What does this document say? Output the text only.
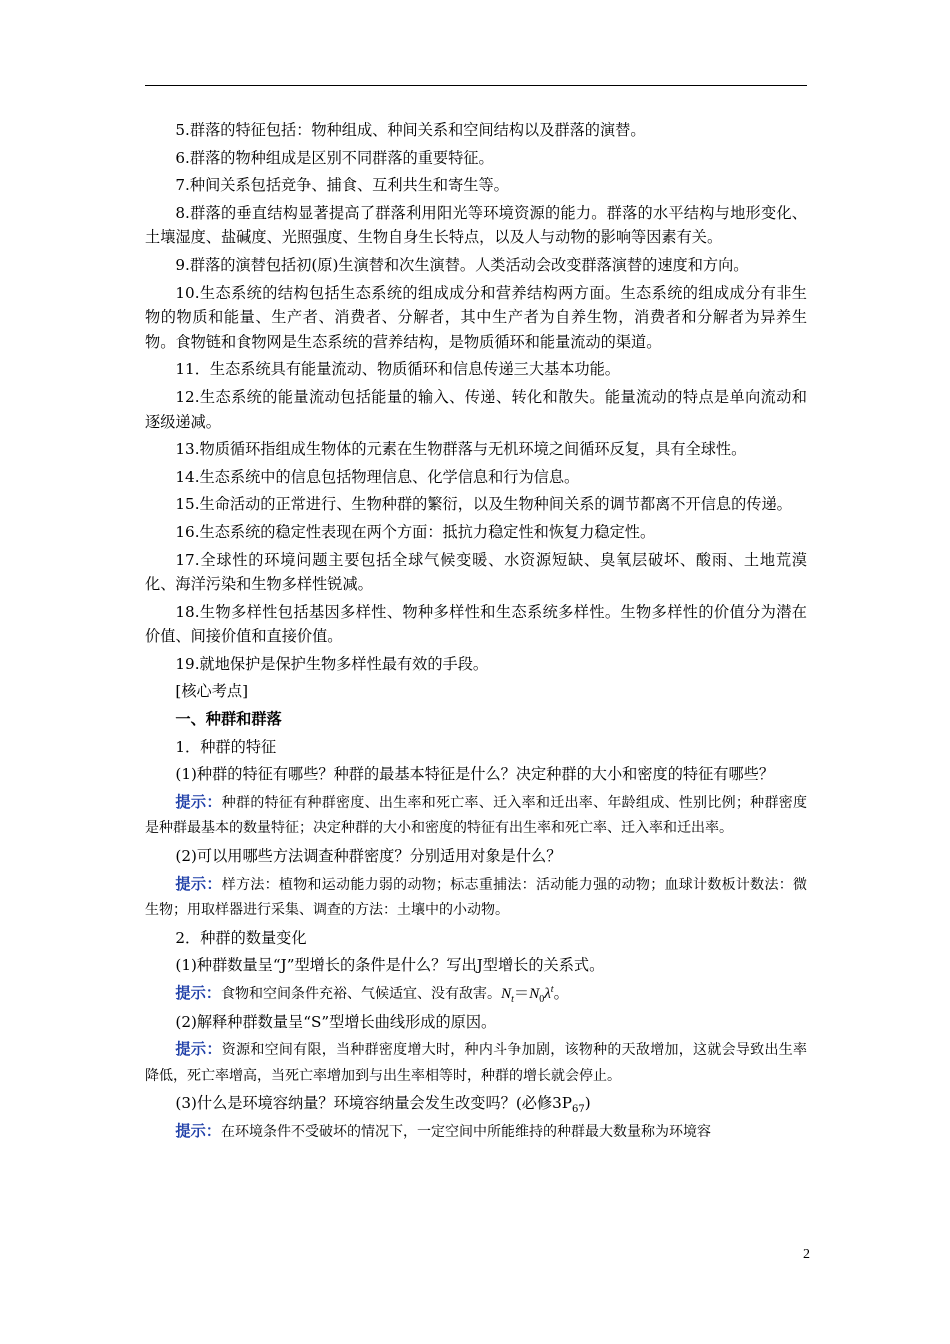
5.群落的特征包括：物种组成、种间关系和空间结构以及群落的演替。

6.群落的物种组成是区别不同群落的重要特征。

7.种间关系包括竞争、捕食、互利共生和寄生等。

8.群落的垂直结构显著提高了群落利用阳光等环境资源的能力。群落的水平结构与地形变化、土壤湿度、盐碱度、光照强度、生物自身生长特点，以及人与动物的影响等因素有关。

9.群落的演替包括初(原)生演替和次生演替。人类活动会改变群落演替的速度和方向。

10.生态系统的结构包括生态系统的组成成分和营养结构两方面。生态系统的组成成分有非生物的物质和能量、生产者、消费者、分解者，其中生产者为自养生物，消费者和分解者为异养生物。食物链和食物网是生态系统的营养结构，是物质循环和能量流动的渠道。

11．生态系统具有能量流动、物质循环和信息传递三大基本功能。

12.生态系统的能量流动包括能量的输入、传递、转化和散失。能量流动的特点是单向流动和逐级递减。

13.物质循环指组成生物体的元素在生物群落与无机环境之间循环反复，具有全球性。

14.生态系统中的信息包括物理信息、化学信息和行为信息。

15.生命活动的正常进行、生物种群的繁衍，以及生物种间关系的调节都离不开信息的传递。

16.生态系统的稳定性表现在两个方面：抵抗力稳定性和恢复力稳定性。

17.全球性的环境问题主要包括全球气候变暖、水资源短缺、臭氧层破坏、酸雨、土地荒漠化、海洋污染和生物多样性锐减。

18.生物多样性包括基因多样性、物种多样性和生态系统多样性。生物多样性的价值分为潜在价值、间接价值和直接价值。

19.就地保护是保护生物多样性最有效的手段。

[核心考点]

一、种群和群落

1．种群的特征

(1)种群的特征有哪些？种群的最基本特征是什么？决定种群的大小和密度的特征有哪些？

提示：种群的特征有种群密度、出生率和死亡率、迁入率和迁出率、年龄组成、性别比例；种群密度是种群最基本的数量特征；决定种群的大小和密度的特征有出生率和死亡率、迁入率和迁出率。

(2)可以用哪些方法调查种群密度？分别适用对象是什么？

提示：样方法：植物和运动能力弱的动物；标志重捕法：活动能力强的动物；血球计数板计数法：微生物；用取样器进行采集、调查的方法：土壤中的小动物。

2．种群的数量变化

(1)种群数量呈“J”型增长的条件是什么？写出J型增长的关系式。

提示：食物和空间条件充裕、气候适宜、没有敌害。$N_t=N_0\lambda^t$。

(2)解释种群数量呈“S”型增长曲线形成的原因。

提示：资源和空间有限，当种群密度增大时，种内斗争加剧，该物种的天敌增加，这就会导致出生率降低，死亡率增高，当死亡率增加到与出生率相等时，种群的增长就会停止。

(3)什么是环境容纳量？环境容纳量会发生改变吗？(必修$3P_{67}$)

提示：在环境条件不受破坏的情况下，一定空间中所能维持的种群最大数量称为环境容

2
